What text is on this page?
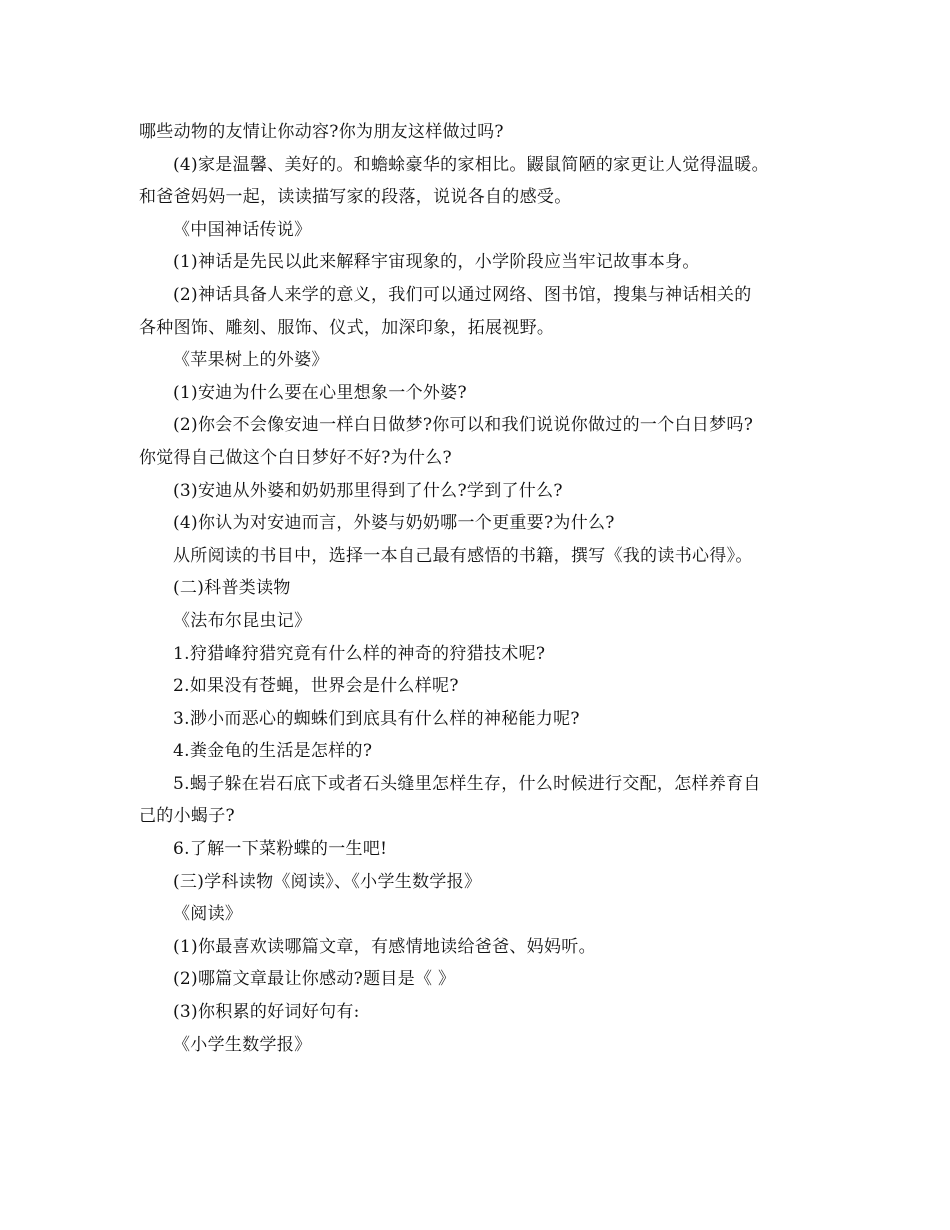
哪些动物的友情让你动容?你为朋友这样做过吗?
(4)家是温馨、美好的。和蟾蜍豪华的家相比。鼹鼠简陋的家更让人觉得温暖。
和爸爸妈妈一起，读读描写家的段落，说说各自的感受。
《中国神话传说》
(1)神话是先民以此来解释宇宙现象的，小学阶段应当牢记故事本身。
(2)神话具备人来学的意义，我们可以通过网络、图书馆，搜集与神话相关的
各种图饰、雕刻、服饰、仪式，加深印象，拓展视野。
《苹果树上的外婆》
(1)安迪为什么要在心里想象一个外婆?
(2)你会不会像安迪一样白日做梦?你可以和我们说说你做过的一个白日梦吗?
你觉得自己做这个白日梦好不好?为什么?
(3)安迪从外婆和奶奶那里得到了什么?学到了什么?
(4)你认为对安迪而言，外婆与奶奶哪一个更重要?为什么?
从所阅读的书目中，选择一本自己最有感悟的书籍，撰写《我的读书心得》。
(二)科普类读物
《法布尔昆虫记》
1.狩猎峰狩猎究竟有什么样的神奇的狩猎技术呢?
2.如果没有苍蝇，世界会是什么样呢?
3.渺小而恶心的蜘蛛们到底具有什么样的神秘能力呢?
4.粪金龟的生活是怎样的?
5.蝎子躲在岩石底下或者石头缝里怎样生存，什么时候进行交配，怎样养育自
己的小蝎子?
6.了解一下菜粉蝶的一生吧!
(三)学科读物《阅读》、《小学生数学报》
《阅读》
(1)你最喜欢读哪篇文章，有感情地读给爸爸、妈妈听。
(2)哪篇文章最让你感动?题目是《 》
(3)你积累的好词好句有:
《小学生数学报》
